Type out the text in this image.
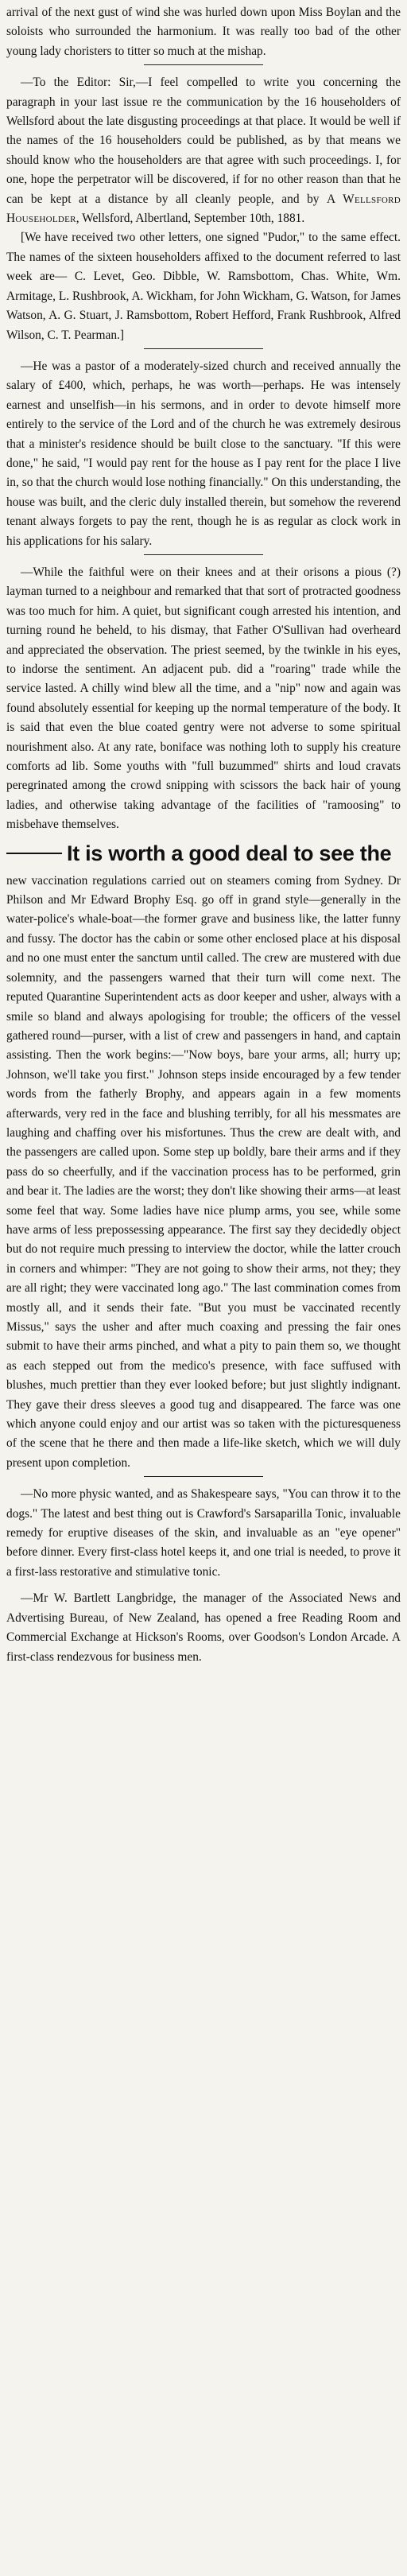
arrival of the next gust of wind she was hurled down upon Miss Boylan and the soloists who surrounded the harmonium. It was really too bad of the other young lady choristers to titter so much at the mishap.

—To the Editor: Sir,—I feel compelled to write you concerning the paragraph in your last issue re the communication by the 16 householders of Wellsford about the late disgusting proceedings at that place. It would be well if the names of the 16 householders could be published, as by that means we should know who the householders are that agree with such proceedings. I, for one, hope the perpetrator will be discovered, if for no other reason than that he can be kept at a distance by all cleanly people, and by A Wellsford Householder, Wellsford, Albertland, September 10th, 1881.

[We have received two other letters, one signed "Pudor," to the same effect. The names of the sixteen householders affixed to the document referred to last week are— C. Levet, Geo. Dibble, W. Ramsbottom, Chas. White, Wm. Armitage, L. Rushbrook, A. Wickham, for John Wickham, G. Watson, for James Watson, A. G. Stuart, J. Ramsbottom, Robert Hefford, Frank Rushbrook, Alfred Wilson, C. T. Pearman.]

—He was a pastor of a moderately-sized church and received annually the salary of £400, which, perhaps, he was worth—perhaps. He was intensely earnest and unselfish—in his sermons, and in order to devote himself more entirely to the service of the Lord and of the church he was extremely desirous that a minister's residence should be built close to the sanctuary. "If this were done," he said, "I would pay rent for the house as I pay rent for the place I live in, so that the church would lose nothing financially." On this understanding, the house was built, and the cleric duly installed therein, but somehow the reverend tenant always forgets to pay the rent, though he is as regular as clock work in his applications for his salary.

—While the faithful were on their knees and at their orisons a pious (?) layman turned to a neighbour and remarked that that sort of protracted goodness was too much for him. A quiet, but significant cough arrested his intention, and turning round he beheld, to his dismay, that Father O'Sullivan had overheard and appreciated the observation. The priest seemed, by the twinkle in his eyes, to indorse the sentiment. An adjacent pub. did a "roaring" trade while the service lasted. A chilly wind blew all the time, and a "nip" now and again was found absolutely essential for keeping up the normal temperature of the body. It is said that even the blue coated gentry were not adverse to some spiritual nourishment also. At any rate, boniface was nothing loth to supply his creature comforts ad lib. Some youths with "full buzummed" shirts and loud cravats peregrinated among the crowd snipping with scissors the back hair of young ladies, and otherwise taking advantage of the facilities of "ramoosing" to misbehave themselves.

It is worth a good deal to see the

new vaccination regulations carried out on steamers coming from Sydney. Dr Philson and Mr Edward Brophy Esq. go off in grand style—generally in the water-police's whale-boat—the former grave and business like, the latter funny and fussy. The doctor has the cabin or some other enclosed place at his disposal and no one must enter the sanctum until called. The crew are mustered with due solemnity, and the passengers warned that their turn will come next. The reputed Quarantine Superintendent acts as door keeper and usher, always with a smile so bland and always apologising for trouble; the officers of the vessel gathered round—purser, with a list of crew and passengers in hand, and captain assisting. Then the work begins:—"Now boys, bare your arms, all; hurry up; Johnson, we'll take you first." Johnson steps inside encouraged by a few tender words from the fatherly Brophy, and appears again in a few moments afterwards, very red in the face and blushing terribly, for all his messmates are laughing and chaffing over his misfortunes. Thus the crew are dealt with, and the passengers are called upon. Some step up boldly, bare their arms and if they pass do so cheerfully, and if the vaccination process has to be performed, grin and bear it. The ladies are the worst; they don't like showing their arms—at least some feel that way. Some ladies have nice plump arms, you see, while some have arms of less prepossessing appearance. The first say they decidedly object but do not require much pressing to interview the doctor, while the latter crouch in corners and whimper: "They are not going to show their arms, not they; they are all right; they were vaccinated long ago." The last commination comes from mostly all, and it sends their fate. "But you must be vaccinated recently Missus," says the usher and after much coaxing and pressing the fair ones submit to have their arms pinched, and what a pity to pain them so, we thought as each stepped out from the medico's presence, with face suffused with blushes, much prettier than they ever looked before; but just slightly indignant. They gave their dress sleeves a good tug and disappeared. The farce was one which anyone could enjoy and our artist was so taken with the picturesqueness of the scene that he there and then made a life-like sketch, which we will duly present upon completion.

—No more physic wanted, and as Shakespeare says, "You can throw it to the dogs." The latest and best thing out is Crawford's Sarsaparilla Tonic, invaluable remedy for eruptive diseases of the skin, and invaluable as an "eye opener" before dinner. Every first-class hotel keeps it, and one trial is needed, to prove it a first-lass restorative and stimulative tonic.

—Mr W. Bartlett Langbridge, the manager of the Associated News and Advertising Bureau, of New Zealand, has opened a free Reading Room and Commercial Exchange at Hickson's Rooms, over Goodson's London Arcade. A first-class rendezvous for business men.
